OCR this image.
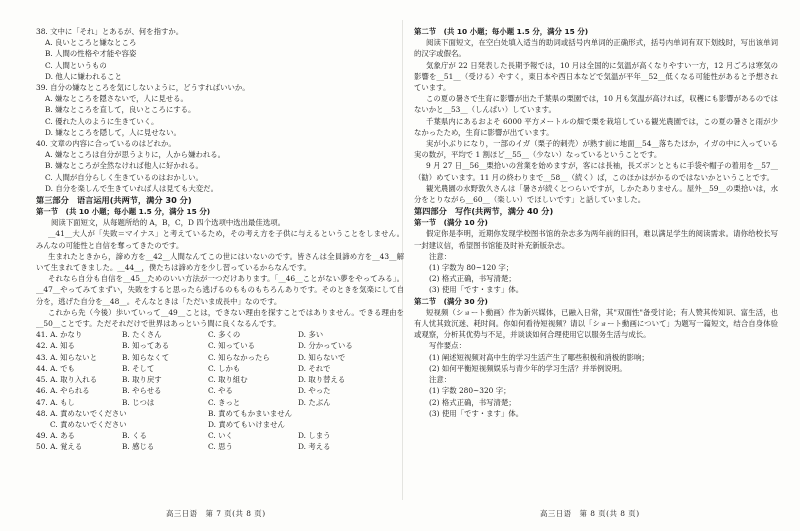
38. 文中に「それ」とあるが、何を指すか。
A. 良いところと嫌なところ
B. 人間の性格や才能や容姿
C. 人間というもの
D. 他人に嫌われること
39. 自分の嫌なところを気にしないように，どうすればいいか。
A. 嫌なところを隠さないで，人に見せる。
B. 嫌なところを直して，良いところにする。
C. 優れた人のように生きていく。
D. 嫌なところを隠して，人に見せない。
40. 文章の内容に合っているのはどれか。
A. 嫌なところは自分が思うよりに，人から嫌われる。
B. 嫌なところが全然なければ他人に好かれる。
C. 人間が自分らしく生きているのはおかしい。
D. 自分を楽しんで生きていれば人は見ても大変だ。
第三部分　语言运用(共两节，满分 30 分)
第一节　(共 10 小题；每小题 1.5 分，满分 15 分)
阅读下面短文，从每题所给的 A，B，C，D 四个选项中选出最佳选项。
__41__大人が「失敗＝マイナス」と考えているため，その考え方を子供に与えるということをしません。みんなの可能性と自信を奪ってきたのです。
生まれたときから，諦め方を__42__人間なんてこの世にはいないのです。皆さんは全員諦め方を__43__解いて生まれてきました。__44__，僕たちは諦め方を少し習っているからなんです。
それなら自分も自信を__45__ためのいい方法が一つだけあります。「__46__ことがない夢をやってみる」。__47__やってみてまずい，失敗をすると思ったら逃げるのもものもちろんありです。そのときを気楽にして自分を，逃げた自分を__48__。そんなときは「ただいま成長中」なのです。
これから先（今後）歩いていって__49__ことは，できない理由を探すことではありません。できる理由を__50__ことです。ただそれだけで世界はあっという間に良くなるんです。
41. A. かなり	B. たくさん	C. 多くの	D. 多い
42. A. 知る	B. 知ってある	C. 知っている	D. 分かっている
43. A. 知らないと	B. 知らなくて	C. 知らなかったら	D. 知らないで
44. A. でも	B. そして	C. しかも	D. それで
45. A. 取り入れる	B. 取り戻す	C. 取り組む	D. 取り替える
46. A. やられる	B. やらせる	C. やる	D. やった
47. A. もし	B. じつは	C. きっと	D. たぶん
48. A. 責めないでください	B. 責めてもかまいません
C. 責めないでください	D. 責めてもいけません
49. A. ある	B. くる	C. いく	D. しまう
50. A. 覚える	B. 感じる	C. 思う	D. 考える
高三日语　第 7 页(共 8 页)
第二节　(共 10 小题；每小题 1.5 分，满分 15 分)
阅读下面短文，在空白处填入适当的助词或括号内单词的正确形式，括号内单词有双下划线时，写出该单词的汉字或假名。
気象庁が 22 日発表した長期予報では，10 月は全国的に気温が高くなりやすい一方，12 月ごろは寒気の影響を__51__（受ける）やすく，東日本や西日本などで気温が平年__52__低くなる可能性があると予想されています。
この夏の暑さで生育に影響が出た千葉県の栗園では，10 月も気温が高ければ，収穫にも影響があるのではないかと__53__（しんぱい）しています。
千葉県内にあるおよそ 6000 平方メートルの畑で栗を栽培している観光農園では，この夏の暑さと雨が少なかったため，生育に影響が出ています。
実が小ぶりになり，一部のイガ（栗子的刺壳）が熟す前に地面__54__落ちたほか，イガの中に入っている実の数が，平均で 1 割ほど__55__（少ない）なっているということです。
9 月 27 日__56__栗拾いの営業を始めますが，客には長袖，長ズボンとともに手袋や帽子の着用を__57__（勧）めています。11 月の終わりまで__58__（続く）ば，このほかはがかるのではないかということです。
観光農園の水野敦久さんは「暑さが続くとつらいですが，しかたありません。屋外__59__の栗拾いは，水分をとりながら__60__（楽しい）でほしいです」と話していました。
第四部分　写作(共两节，满分 40 分)
第一节　(满分 10 分)
假定你是李明，近期你发现学校图书馆的杂志多为两年前的旧刊，难以满足学生的阅读需求。请你给校长写一封建议信，希望图书馆能及时补充新版杂志。
注意：
(1) 字数为 80~120 字；
(2) 格式正确，书写清楚；
(3) 使用「です・ます」体。
第二节　(满分 30 分)
短视频（ショート動画）作为新兴媒体，已融入日常，其"双面性"备受讨论；有人赞其传知识、富生活，也有人忧其致沉迷、耗时间。你如何看待短视频？请以「ショート動画について」为题写一篇短文，结合自身体验或观察，分析其优势与不足，并谈谈如何合理使用它以服务生活与成长。
写作要点：
(1) 阐述短视频对高中生的学习生活产生了哪些积极和消极的影响；
(2) 如何平衡短视频娱乐与青少年的学习生活？并举例说明。
注意：
(1) 字数 280~320 字；
(2) 格式正确，书写清楚；
(3) 使用「です・ます」体。
高三日语　第 8 页(共 8 页)
